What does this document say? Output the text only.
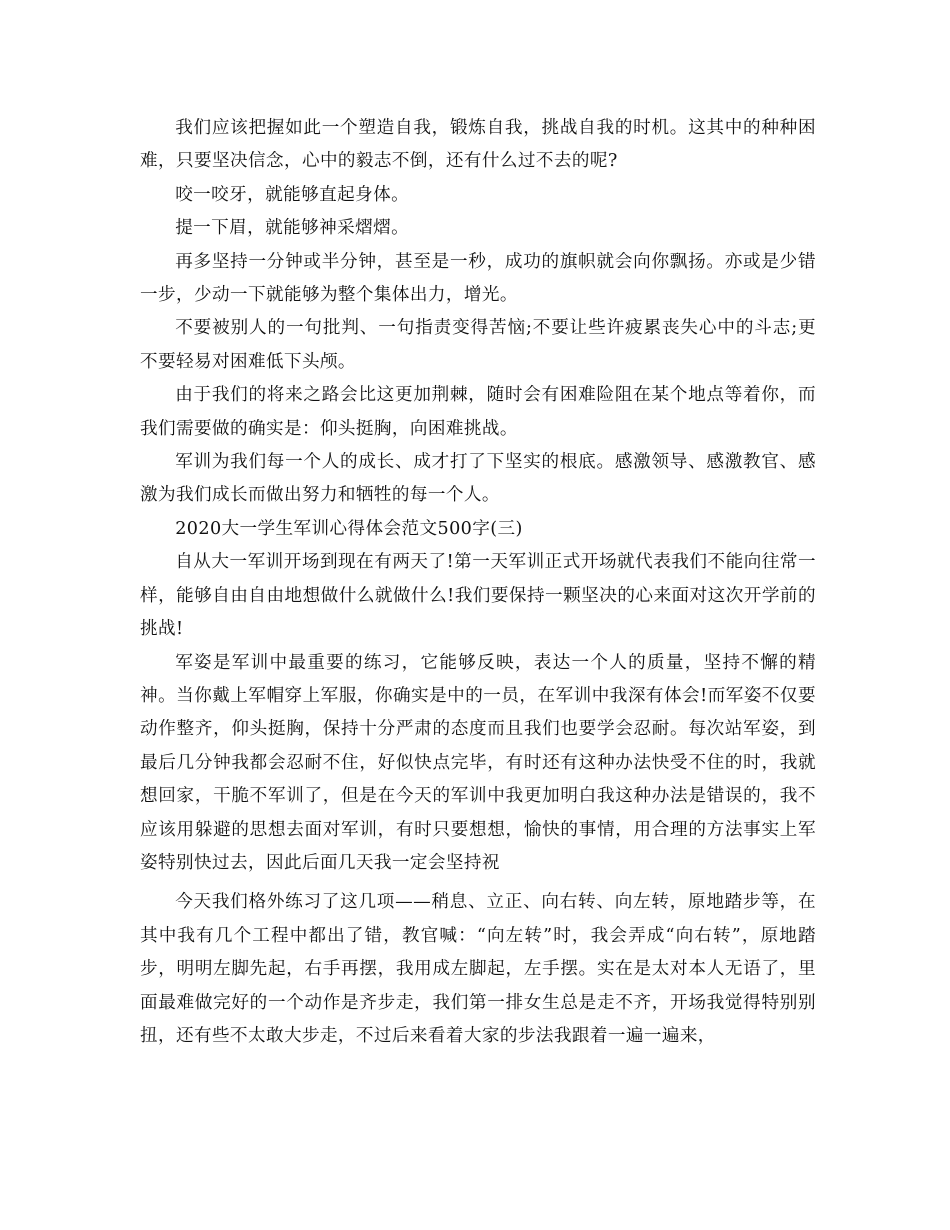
我们应该把握如此一个塑造自我，锻炼自我，挑战自我的时机。这其中的种种困难，只要坚决信念，心中的毅志不倒，还有什么过不去的呢?

咬一咬牙，就能够直起身体。

提一下眉，就能够神采熠熠。

再多坚持一分钟或半分钟，甚至是一秒，成功的旗帜就会向你飘扬。亦或是少错一步，少动一下就能够为整个集体出力，增光。

不要被别人的一句批判、一句指责变得苦恼;不要让些许疲累丧失心中的斗志;更不要轻易对困难低下头颅。

由于我们的将来之路会比这更加荆棘，随时会有困难险阻在某个地点等着你，而我们需要做的确实是：仰头挺胸，向困难挑战。

军训为我们每一个人的成长、成才打了下坚实的根底。感激领导、感激教官、感激为我们成长而做出努力和牺牲的每一个人。

2020大一学生军训心得体会范文500字(三)

自从大一军训开场到现在有两天了!第一天军训正式开场就代表我们不能向往常一样，能够自由自由地想做什么就做什么!我们要保持一颗坚决的心来面对这次开学前的挑战!

军姿是军训中最重要的练习，它能够反映，表达一个人的质量，坚持不懈的精神。当你戴上军帽穿上军服，你确实是中的一员，在军训中我深有体会!而军姿不仅要动作整齐，仰头挺胸，保持十分严肃的态度而且我们也要学会忍耐。每次站军姿，到最后几分钟我都会忍耐不住，好似快点完毕，有时还有这种办法快受不住的时，我就想回家，干脆不军训了，但是在今天的军训中我更加明白我这种办法是错误的，我不应该用躲避的思想去面对军训，有时只要想想，愉快的事情，用合理的方法事实上军姿特别快过去，因此后面几天我一定会坚持祝

今天我们格外练习了这几项——稍息、立正、向右转、向左转，原地踏步等，在其中我有几个工程中都出了错，教官喊：“向左转”时，我会弄成“向右转”，原地踏步，明明左脚先起，右手再摆，我用成左脚起，左手摆。实在是太对本人无语了，里面最难做完好的一个动作是齐步走，我们第一排女生总是走不齐，开场我觉得特别别扭，还有些不太敢大步走，不过后来看着大家的步法我跟着一遍一遍来，
